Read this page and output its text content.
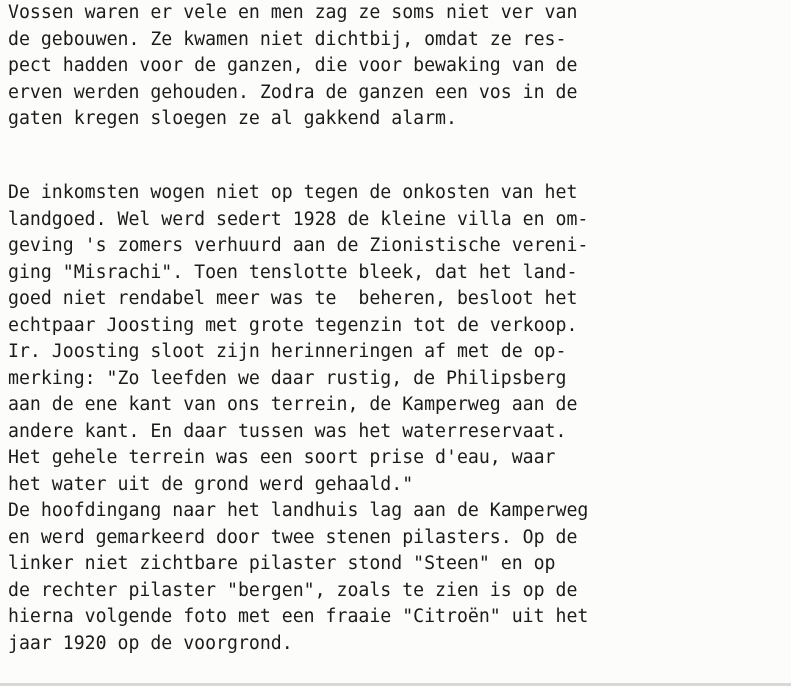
Vossen waren er vele en men zag ze soms niet ver van
de gebouwen. Ze kwamen niet dichtbij, omdat ze res-
pect hadden voor de ganzen, die voor bewaking van de
erven werden gehouden. Zodra de ganzen een vos in de
gaten kregen sloegen ze al gakkend alarm.
De inkomsten wogen niet op tegen de onkosten van het
landgoed. Wel werd sedert 1928 de kleine villa en om-
geving 's zomers verhuurd aan de Zionistische vereni-
ging "Misrachi". Toen tenslotte bleek, dat het land-
goed niet rendabel meer was te  beheren, besloot het
echtpaar Joosting met grote tegenzin tot de verkoop.
Ir. Joosting sloot zijn herinneringen af met de op-
merking: "Zo leefden we daar rustig, de Philipsberg
aan de ene kant van ons terrein, de Kamperweg aan de
andere kant. En daar tussen was het waterreservaat.
Het gehele terrein was een soort prise d'eau, waar
het water uit de grond werd gehaald."
De hoofdingang naar het landhuis lag aan de Kamperweg
en werd gemarkeerd door twee stenen pilasters. Op de
linker niet zichtbare pilaster stond "Steen" en op
de rechter pilaster "bergen", zoals te zien is op de
hierna volgende foto met een fraaie "Citroën" uit het
jaar 1920 op de voorgrond.
